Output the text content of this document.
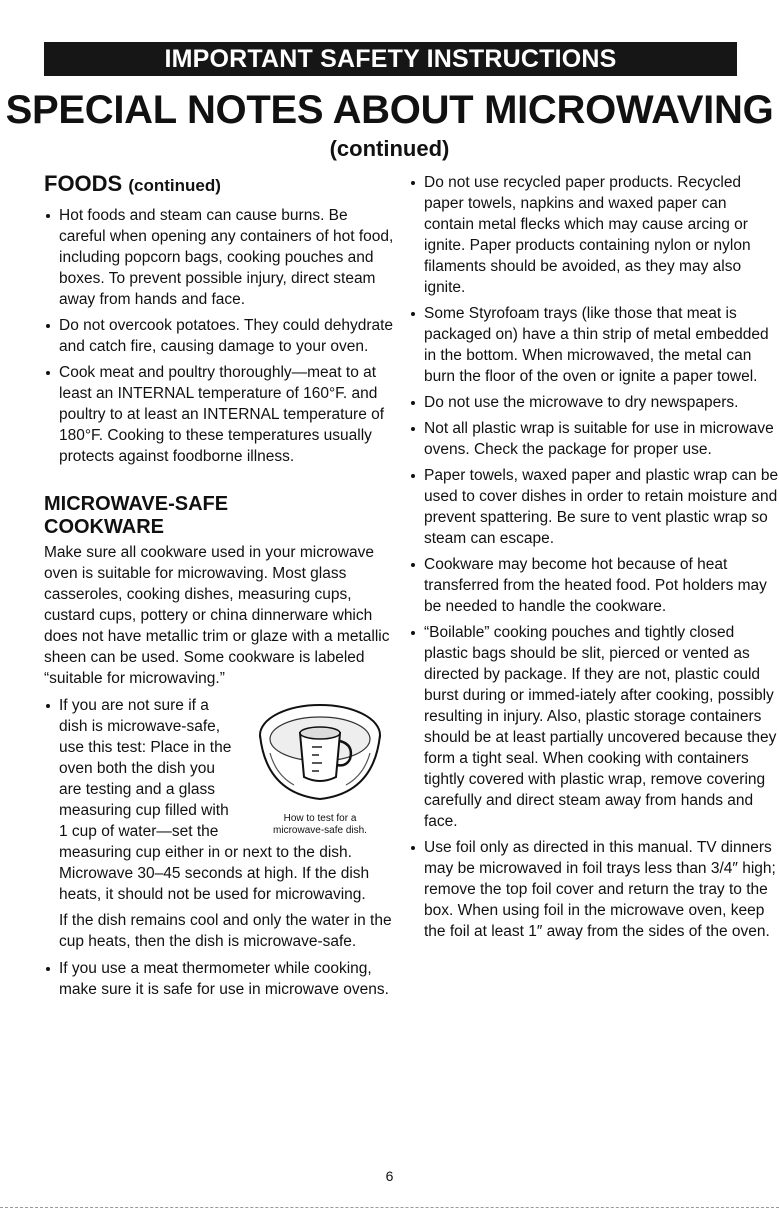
IMPORTANT SAFETY INSTRUCTIONS
SPECIAL NOTES ABOUT MICROWAVING
(continued)
FOODS (continued)

Hot foods and steam can cause burns. Be careful when opening any containers of hot food, including popcorn bags, cooking pouches and boxes. To prevent possible injury, direct steam away from hands and face.

Do not overcook potatoes. They could dehydrate and catch fire, causing damage to your oven.

Cook meat and poultry thoroughly—meat to at least an INTERNAL temperature of 160°F. and poultry to at least an INTERNAL temperature of 180°F. Cooking to these temperatures usually protects against foodborne illness.

MICROWAVE-SAFE
COOKWARE

Make sure all cookware used in your microwave oven is suitable for microwaving. Most glass casseroles, cooking dishes, measuring cups, custard cups, pottery or china dinnerware which does not have metallic trim or glaze with a metallic sheen can be used. Some cookware is labeled “suitable for microwaving.”

How to test for a
microwave-safe dish.
If you are not sure if a dish is microwave-safe, use this test: Place in the oven both the dish you are testing and a glass measuring cup filled with 1 cup of water—set the measuring cup either in or next to the dish. Microwave 30–45 seconds at high. If the dish heats, it should not be used for microwaving.

If the dish remains cool and only the water in the cup heats, then the dish is microwave-safe.

If you use a meat thermometer while cooking, make sure it is safe for use in microwave ovens.

Do not use recycled paper products. Recycled paper towels, napkins and waxed paper can contain metal flecks which may cause arcing or ignite. Paper products containing nylon or nylon filaments should be avoided, as they may also ignite.

Some Styrofoam trays (like those that meat is packaged on) have a thin strip of metal embedded in the bottom. When microwaved, the metal can burn the floor of the oven or ignite a paper towel.

Do not use the microwave to dry newspapers.

Not all plastic wrap is suitable for use in microwave ovens. Check the package for proper use.

Paper towels, waxed paper and plastic wrap can be used to cover dishes in order to retain moisture and prevent spattering. Be sure to vent plastic wrap so steam can escape.

Cookware may become hot because of heat transferred from the heated food. Pot holders may be needed to handle the cookware.

“Boilable” cooking pouches and tightly closed plastic bags should be slit, pierced or vented as directed by package. If they are not, plastic could burst during or immed-iately after cooking, possibly resulting in injury. Also, plastic storage containers should be at least partially uncovered because they form a tight seal. When cooking with containers tightly covered with plastic wrap, remove covering carefully and direct steam away from hands and face.

Use foil only as directed in this manual. TV dinners may be microwaved in foil trays less than 3/4″ high; remove the top foil cover and return the tray to the box. When using foil in the microwave oven, keep the foil at least 1″ away from the sides of the oven.

6
